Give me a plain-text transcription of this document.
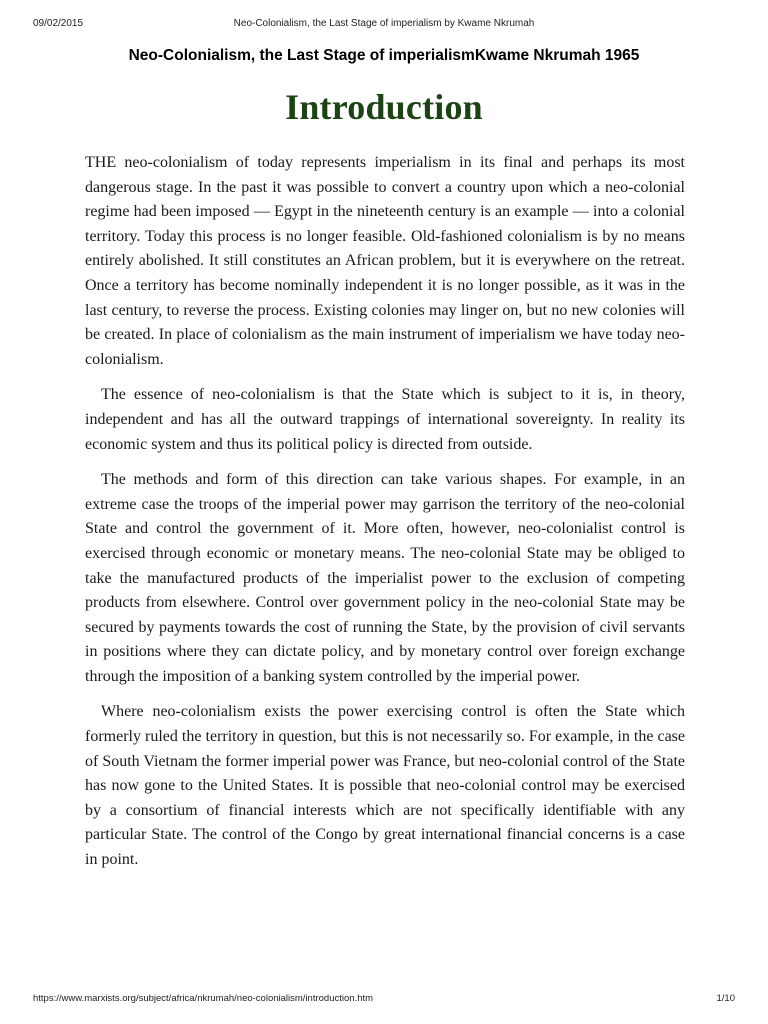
09/02/2015	Neo-Colonialism, the Last Stage of imperialism by Kwame Nkrumah
Neo-Colonialism, the Last Stage of imperialismKwame Nkrumah 1965
Introduction

THE neo-colonialism of today represents imperialism in its final and perhaps its most dangerous stage. In the past it was possible to convert a country upon which a neo-colonial regime had been imposed — Egypt in the nineteenth century is an example — into a colonial territory. Today this process is no longer feasible. Old-fashioned colonialism is by no means entirely abolished. It still constitutes an African problem, but it is everywhere on the retreat. Once a territory has become nominally independent it is no longer possible, as it was in the last century, to reverse the process. Existing colonies may linger on, but no new colonies will be created. In place of colonialism as the main instrument of imperialism we have today neo-colonialism.

The essence of neo-colonialism is that the State which is subject to it is, in theory, independent and has all the outward trappings of international sovereignty. In reality its economic system and thus its political policy is directed from outside.

The methods and form of this direction can take various shapes. For example, in an extreme case the troops of the imperial power may garrison the territory of the neo-colonial State and control the government of it. More often, however, neo-colonialist control is exercised through economic or monetary means. The neo-colonial State may be obliged to take the manufactured products of the imperialist power to the exclusion of competing products from elsewhere. Control over government policy in the neo-colonial State may be secured by payments towards the cost of running the State, by the provision of civil servants in positions where they can dictate policy, and by monetary control over foreign exchange through the imposition of a banking system controlled by the imperial power.

Where neo-colonialism exists the power exercising control is often the State which formerly ruled the territory in question, but this is not necessarily so. For example, in the case of South Vietnam the former imperial power was France, but neo-colonial control of the State has now gone to the United States. It is possible that neo-colonial control may be exercised by a consortium of financial interests which are not specifically identifiable with any particular State. The control of the Congo by great international financial concerns is a case in point.

https://www.marxists.org/subject/africa/nkrumah/neo-colonialism/introduction.htm	1/10
